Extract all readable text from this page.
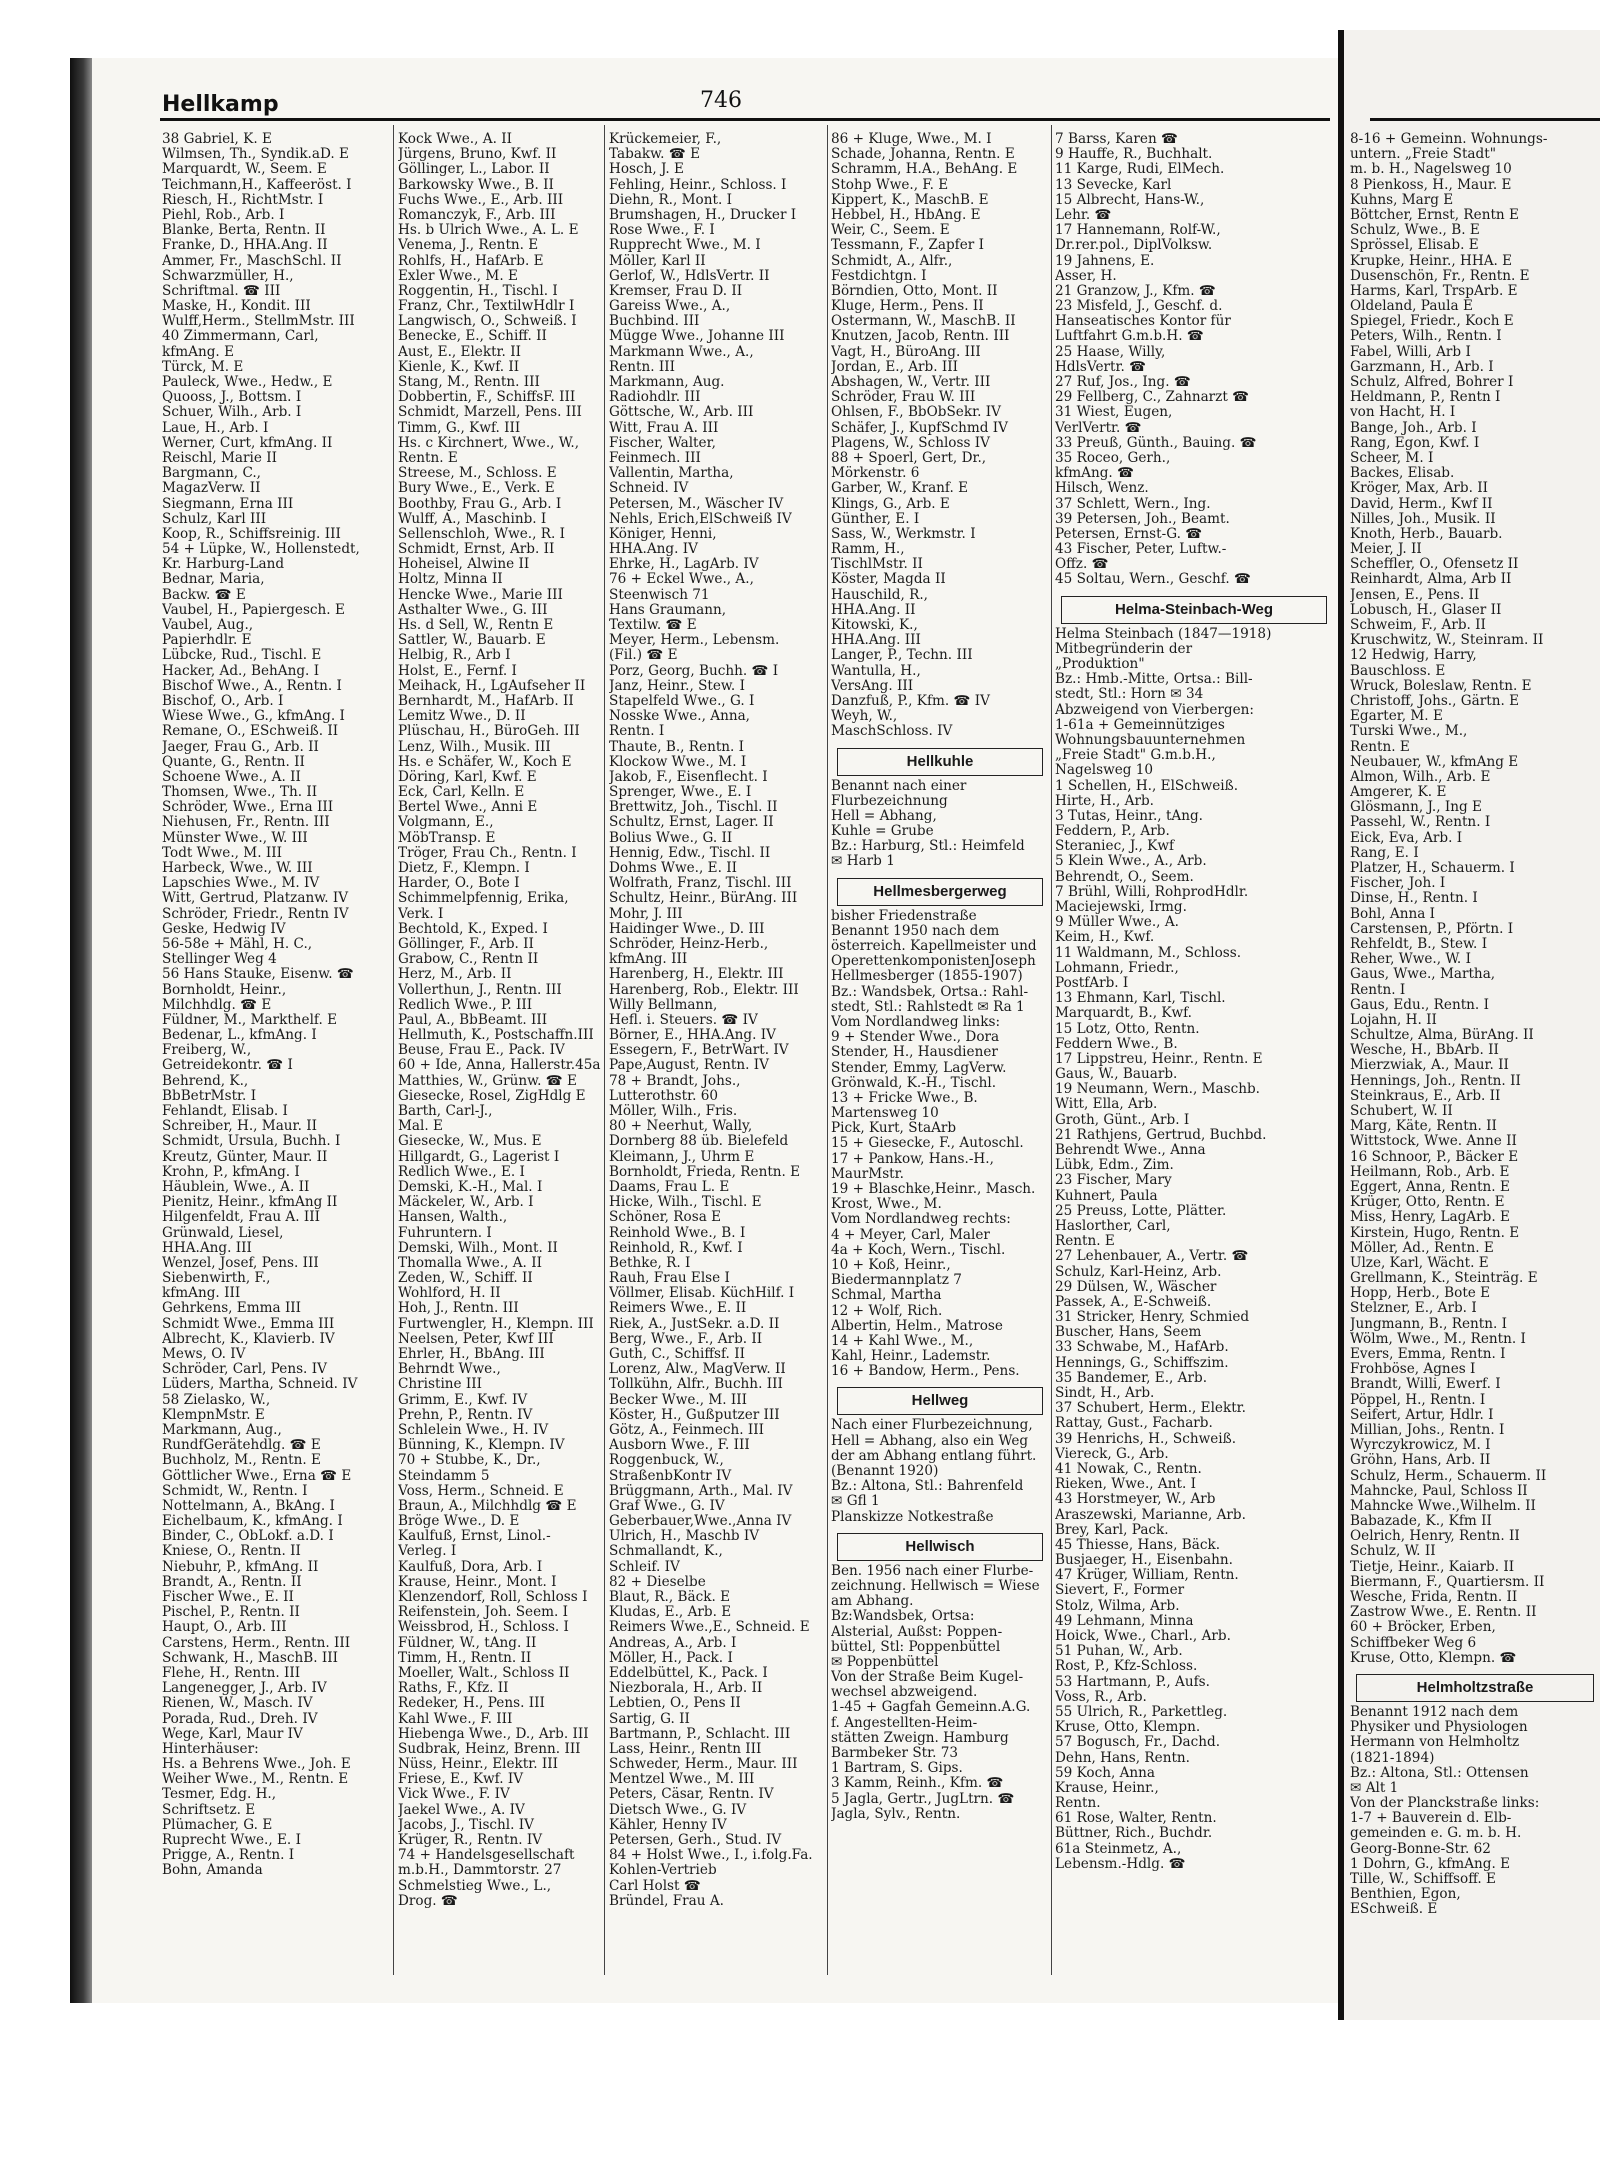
Hellkamp	746
38 Gabriel, K. E
Wilmsen, Th., Syndik.aD. E
Marquardt, W., Seem. E
Teichmann,H., Kaffeeröst. I
Riesch, H., RichtMstr. I
Piehl, Rob., Arb. I
Blanke, Berta, Rentn. II
Franke, D., HHA.Ang. II
Ammer, Fr., MaschSchl. II
Schwarzmüller, H.,
Schriftmal. ☎ III
Maske, H., Kondit. III
Wulff,Herm., StellmMstr. III
40 Zimmermann, Carl,
kfmAng. E
Türck, M. E
Pauleck, Wwe., Hedw., E
Quooss, J., Bottsm. I
Schuer, Wilh., Arb. I
Laue, H., Arb. I
Werner, Curt, kfmAng. II
Reischl, Marie II
Bargmann, C.,
MagazVerw. II
Siegmann, Erna III
Schulz, Karl III
Koop, R., Schiffsreinig. III
54 + Lüpke, W., Hollenstedt,
Kr. Harburg-Land
Bednar, Maria,
Backw. ☎ E
Vaubel, H., Papiergesch. E
Vaubel, Aug.,
Papierhdlr. E
Lübcke, Rud., Tischl. E
Hacker, Ad., BehAng. I
Bischof Wwe., A., Rentn. I
Bischof, O., Arb. I
Wiese Wwe., G., kfmAng. I
Remane, O., ESchweiß. II
Jaeger, Frau G., Arb. II
Quante, G., Rentn. II
Schoene Wwe., A. II
Thomsen, Wwe., Th. II
Schröder, Wwe., Erna III
Niehusen, Fr., Rentn. III
Münster Wwe., W. III
Todt Wwe., M. III
Harbeck, Wwe., W. III
Lapschies Wwe., M. IV
Witt, Gertrud, Platzanw. IV
Schröder, Friedr., Rentn IV
Geske, Hedwig IV
56-58e + Mähl, H. C.,
Stellinger Weg 4
56 Hans Stauke, Eisenw. ☎
Bornholdt, Heinr.,
Milchhdlg. ☎ E
Füldner, M., Markthelf. E
Bedenar, L., kfmAng. I
Freiberg, W.,
Getreidekontr. ☎ I
Behrend, K.,
BbBetrMstr. I
Fehlandt, Elisab. I
Schreiber, H., Maur. II
Schmidt, Ursula, Buchh. I
Kreutz, Günter, Maur. II
Krohn, P., kfmAng. I
Häublein, Wwe., A. II
Pienitz, Heinr., kfmAng II
Hilgenfeldt, Frau A. III
Grünwald, Liesel,
HHA.Ang. III
Wenzel, Josef, Pens. III
Siebenwirth, F.,
kfmAng. III
Gehrkens, Emma III
Schmidt Wwe., Emma III
Albrecht, K., Klavierb. IV
Mews, O. IV
Schröder, Carl, Pens. IV
Lüders, Martha, Schneid. IV
58 Zielasko, W.,
KlempnMstr. E
Markmann, Aug.,
RundfGerätehdlg. ☎ E
Buchholz, M., Rentn. E
Göttlicher Wwe., Erna ☎ E
Schmidt, W., Rentn. I
Nottelmann, A., BkAng. I
Eichelbaum, K., kfmAng. I
Binder, C., ObLokf. a.D. I
Kniese, O., Rentn. II
Niebuhr, P., kfmAng. II
Brandt, A., Rentn. II
Fischer Wwe., E. II
Pischel, P., Rentn. II
Haupt, O., Arb. III
Carstens, Herm., Rentn. III
Schwank, H., MaschB. III
Flehe, H., Rentn. III
Langenegger, J., Arb. IV
Rienen, W., Masch. IV
Porada, Rud., Dreh. IV
Wege, Karl, Maur IV
Hinterhäuser:
Hs. a Behrens Wwe., Joh. E
Weiher Wwe., M., Rentn. E
Tesmer, Edg. H.,
Schriftsetz. E
Plümacher, G. E
Ruprecht Wwe., E. I
Prigge, A., Rentn. I
Bohn, Amanda
Kock Wwe., A. II
Jürgens, Bruno, Kwf. II
Göllinger, L., Labor. II
Barkowsky Wwe., B. II
Fuchs Wwe., E., Arb. III
Romanczyk, F., Arb. III
Hs. b Ulrich Wwe., A. L. E
Venema, J., Rentn. E
Rohlfs, H., HafArb. E
Exler Wwe., M. E
Roggentin, H., Tischl. I
Franz, Chr., TextilwHdlr I
Langwisch, O., Schweiß. I
Benecke, E., Schiff. II
Aust, E., Elektr. II
Kienle, K., Kwf. II
Stang, M., Rentn. III
Dobbertin, F., SchiffsF. III
Schmidt, Marzell, Pens. III
Timm, G., Kwf. III
Hs. c Kirchnert, Wwe., W.,
Rentn. E
Streese, M., Schloss. E
Bury Wwe., E., Verk. E
Boothby, Frau G., Arb. I
Wulff, A., Maschinb. I
Sellenschloh, Wwe., R. I
Schmidt, Ernst, Arb. II
Hoheisel, Alwine II
Holtz, Minna II
Hencke Wwe., Marie III
Asthalter Wwe., G. III
Hs. d Sell, W., Rentn E
Sattler, W., Bauarb. E
Helbig, R., Arb I
Holst, E., Fernf. I
Meihack, H., LgAufseher II
Bernhardt, M., HafArb. II
Lemitz Wwe., D. II
Plüschau, H., BüroGeh. III
Lenz, Wilh., Musik. III
Hs. e Schäfer, W., Koch E
Döring, Karl, Kwf. E
Eck, Carl, Kelln. E
Bertel Wwe., Anni E
Volgmann, E.,
MöbTransp. E
Tröger, Frau Ch., Rentn. I
Dietz, F., Klempn. I
Harder, O., Bote I
Schimmelpfennig, Erika,
Verk. I
Bechtold, K., Exped. I
Göllinger, F., Arb. II
Grabow, C., Rentn II
Herz, M., Arb. II
Vollerthun, J., Rentn. III
Redlich Wwe., P. III
Paul, A., BbBeamt. III
Hellmuth, K., Postschaffn.III
Beuse, Frau E., Pack. IV
60 + Ide, Anna, Hallerstr.45a
Matthies, W., Grünw. ☎ E
Giesecke, Rosel, ZigHdlg E
Barth, Carl-J.,
Mal. E
Giesecke, W., Mus. E
Hillgardt, G., Lagerist I
Redlich Wwe., E. I
Demski, K.-H., Mal. I
Mäckeler, W., Arb. I
Hansen, Walth.,
Fuhruntern. I
Demski, Wilh., Mont. II
Thomalla Wwe., A. II
Zeden, W., Schiff. II
Wohlford, H. II
Hoh, J., Rentn. III
Furtwengler, H., Klempn. III
Neelsen, Peter, Kwf III
Ehrler, H., BbAng. III
Behrndt Wwe.,
Christine III
Grimm, E., Kwf. IV
Prehn, P., Rentn. IV
Schlelein Wwe., H. IV
Bünning, K., Klempn. IV
70 + Stubbe, K., Dr.,
Steindamm 5
Voss, Herm., Schneid. E
Braun, A., Milchhdlg ☎ E
Bröge Wwe., D. E
Kaulfuß, Ernst, Linol.-
Verleg. I
Kaulfuß, Dora, Arb. I
Krause, Heinr., Mont. I
Klenzendorf, Roll, Schloss I
Reifenstein, Joh. Seem. I
Weissbrod, H., Schloss. I
Füldner, W., tAng. II
Timm, H., Rentn. II
Moeller, Walt., Schloss II
Raths, F., Kfz. II
Redeker, H., Pens. III
Kahl Wwe., F. III
Hiebenga Wwe., D., Arb. III
Sudbrak, Heinz, Brenn. III
Nüss, Heinr., Elektr. III
Friese, E., Kwf. IV
Vick Wwe., F. IV
Jaekel Wwe., A. IV
Jacobs, J., Tischl. IV
Krüger, R., Rentn. IV
74 + Handelsgesellschaft
m.b.H., Dammtorstr. 27
Schmelstieg Wwe., L.,
Drog. ☎
Krückemeier, F.,
Tabakw. ☎ E
Hosch, J. E
Fehling, Heinr., Schloss. I
Diehn, R., Mont. I
Brumshagen, H., Drucker I
Rose Wwe., F. I
Rupprecht Wwe., M. I
Möller, Karl II
Gerlof, W., HdlsVertr. II
Kremser, Frau D. II
Gareiss Wwe., A.,
Buchbind. III
Mügge Wwe., Johanne III
Markmann Wwe., A.,
Rentn. III
Markmann, Aug.
Radiohdlr. III
Göttsche, W., Arb. III
Witt, Frau A. III
Fischer, Walter,
Feinmech. III
Vallentin, Martha,
Schneid. IV
Petersen, M., Wäscher IV
Nehls, Erich,ElSchweiß IV
Königer, Henni,
HHA.Ang. IV
Ehrke, H., LagArb. IV
76 + Eckel Wwe., A.,
Steenwisch 71
Hans Graumann,
Textilw. ☎ E
Meyer, Herm., Lebensm.
(Fil.) ☎ E
Porz, Georg, Buchh. ☎ I
Janz, Heinr., Stew. I
Stapelfeld Wwe., G. I
Nosske Wwe., Anna,
Rentn. I
Thaute, B., Rentn. I
Klockow Wwe., M. I
Jakob, F., Eisenflecht. I
Sprenger, Wwe., E. I
Brettwitz, Joh., Tischl. II
Schultz, Ernst, Lager. II
Bolius Wwe., G. II
Hennig, Edw., Tischl. II
Dohms Wwe., E. II
Wolfrath, Franz, Tischl. III
Schultz, Heinr., BürAng. III
Mohr, J. III
Haidinger Wwe., D. III
Schröder, Heinz-Herb.,
kfmAng. III
Harenberg, H., Elektr. III
Harenberg, Rob., Elektr. III
Willy Bellmann,
Hefl. i. Steuers. ☎ IV
Börner, E., HHA.Ang. IV
Essegern, F., BetrWart. IV
Pape,August, Rentn. IV
78 + Brandt, Johs.,
Lutterothstr. 60
Möller, Wilh., Fris.
80 + Neerhut, Wally,
Dornberg 88 üb. Bielefeld
Kleimann, J., Uhrm E
Bornholdt, Frieda, Rentn. E
Daams, Frau L. E
Hicke, Wilh., Tischl. E
Schöner, Rosa E
Reinhold Wwe., B. I
Reinhold, R., Kwf. I
Bethke, R. I
Rauh, Frau Else I
Völlmer, Elisab. KüchHilf. I
Reimers Wwe., E. II
Riek, A., JustSekr. a.D. II
Berg, Wwe., F., Arb. II
Guth, C., Schiffsf. II
Lorenz, Alw., MagVerw. II
Tollkühn, Alfr., Buchh. III
Becker Wwe., M. III
Köster, H., Gußputzer III
Götz, A., Feinmech. III
Ausborn Wwe., F. III
Roggenbuck, W.,
StraßenbKontr IV
Brüggmann, Arth., Mal. IV
Graf Wwe., G. IV
Geberbauer,Wwe.,Anna IV
Ulrich, H., Maschb IV
Schmallandt, K.,
Schleif. IV
82 + Dieselbe
Blaut, R., Bäck. E
Kludas, E., Arb. E
Reimers Wwe.,E., Schneid. E
Andreas, A., Arb. I
Möller, H., Pack. I
Eddelbüttel, K., Pack. I
Niezborala, H., Arb. II
Lebtien, O., Pens II
Sartig, G. II
Bartmann, P., Schlacht. III
Lass, Heinr., Rentn III
Schweder, Herm., Maur. III
Mentzel Wwe., M. III
Peters, Cäsar, Rentn. IV
Dietsch Wwe., G. IV
Kähler, Henny IV
Petersen, Gerh., Stud. IV
84 + Holst Wwe., I., i.folg.Fa.
Kohlen-Vertrieb
Carl Holst ☎
Bründel, Frau A.
86 + Kluge, Wwe., M. I
Schade, Johanna, Rentn. E
Schramm, H.A., BehAng. E
Stohp Wwe., F. E
Kippert, K., MaschB. E
Hebbel, H., HbAng. E
Weir, C., Seem. E
Tessmann, F., Zapfer I
Schmidt, A., Alfr.,
Festdichtgn. I
Börndien, Otto, Mont. II
Kluge, Herm., Pens. II
Ostermann, W., MaschB. II
Knutzen, Jacob, Rentn. III
Vagt, H., BüroAng. III
Jordan, E., Arb. III
Abshagen, W., Vertr. III
Schröder, Frau W. III
Ohlsen, F., BbObSekr. IV
Schäfer, J., KupfSchmd IV
Plagens, W., Schloss IV
88 + Spoerl, Gert, Dr.,
Mörkenstr. 6
Garber, W., Kranf. E
Klings, G., Arb. E
Günther, E. I
Sass, W., Werkmstr. I
Ramm, H.,
TischlMstr. II
Köster, Magda II
Hauschild, R.,
HHA.Ang. II
Kitowski, K.,
HHA.Ang. III
Langer, P., Techn. III
Wantulla, H.,
VersAng. III
Danzfuß, P., Kfm. ☎ IV
Weyh, W.,
MaschSchloss. IV
Hellkuhle
Benannt nach einer
Flurbezeichnung
Hell = Abhang,
Kuhle = Grube
Bz.: Harburg, Stl.: Heimfeld
✉ Harb 1
Hellmesbergerweg
bisher Friedenstraße
Benannt 1950 nach dem
österreich. Kapellmeister und
OperettenkomponistenJoseph
Hellmesberger (1855-1907)
Bz.: Wandsbek, Ortsa.: Rahl-
stedt, Stl.: Rahlstedt ✉ Ra 1
Vom Nordlandweg links:
9 + Stender Wwe., Dora
Stender, H., Hausdiener
Stender, Emmy, LagVerw.
Grönwald, K.-H., Tischl.
13 + Fricke Wwe., B.
Martensweg 10
Pick, Kurt, StaArb
15 + Giesecke, F., Autoschl.
17 + Pankow, Hans.-H.,
MaurMstr.
19 + Blaschke,Heinr., Masch.
Krost, Wwe., M.
Vom Nordlandweg rechts:
4 + Meyer, Carl, Maler
4a + Koch, Wern., Tischl.
10 + Koß, Heinr.,
Biedermannplatz 7
Schmal, Martha
12 + Wolf, Rich.
Albertin, Helm., Matrose
14 + Kahl Wwe., M.,
Kahl, Heinr., Lademstr.
16 + Bandow, Herm., Pens.
Hellweg
Nach einer Flurbezeichnung,
Hell = Abhang, also ein Weg
der am Abhang entlang führt.
(Benannt 1920)
Bz.: Altona, Stl.: Bahrenfeld
✉ Gfl 1
Planskizze Notkestraße
Hellwisch
Ben. 1956 nach einer Flurbe-
zeichnung. Hellwisch = Wiese
am Abhang.
Bz:Wandsbek, Ortsa:
Alsterial, Außst: Poppen-
büttel, Stl: Poppenbüttel
✉ Poppenbüttel
Von der Straße Beim Kugel-
wechsel abzweigend.
1-45 + Gagfah Gemeinn.A.G.
f. Angestellten-Heim-
stätten Zweign. Hamburg
Barmbeker Str. 73
1 Bartram, S. Gips.
3 Kamm, Reinh., Kfm. ☎
5 Jagla, Gertr., JugLtrn. ☎
Jagla, Sylv., Rentn.
7 Barss, Karen ☎
9 Hauffe, R., Buchhalt.
11 Karge, Rudi, ElMech.
13 Sevecke, Karl
15 Albrecht, Hans-W.,
Lehr. ☎
17 Hannemann, Rolf-W.,
Dr.rer.pol., DiplVolksw.
19 Jahnens, E.
Asser, H.
21 Granzow, J., Kfm. ☎
23 Misfeld, J., Geschf. d.
Hanseatisches Kontor für
Luftfahrt G.m.b.H. ☎
25 Haase, Willy,
HdlsVertr. ☎
27 Ruf, Jos., Ing. ☎
29 Fellberg, C., Zahnarzt ☎
31 Wiest, Eugen,
VerlVertr. ☎
33 Preuß, Günth., Bauing. ☎
35 Roceo, Gerh.,
kfmAng. ☎
Hilsch, Wenz.
37 Schlett, Wern., Ing.
39 Petersen, Joh., Beamt.
Petersen, Ernst-G. ☎
43 Fischer, Peter, Luftw.-
Offz. ☎
45 Soltau, Wern., Geschf. ☎
Helma-Steinbach-Weg
Helma Steinbach (1847—1918)
Mitbegründerin der
„Produktion"
Bz.: Hmb.-Mitte, Ortsa.: Bill-
stedt, Stl.: Horn ✉ 34
Abzweigend von Vierbergen:
1-61a + Gemeinnütziges
Wohnungsbauunternehmen
„Freie Stadt" G.m.b.H.,
Nagelsweg 10
1 Schellen, H., ElSchweiß.
Hirte, H., Arb.
3 Tutas, Heinr., tAng.
Feddern, P., Arb.
Steraniec, J., Kwf
5 Klein Wwe., A., Arb.
Behrendt, O., Seem.
7 Brühl, Willi, RohprodHdlr.
Maciejewski, Irmg.
9 Müller Wwe., A.
Keim, H., Kwf.
11 Waldmann, M., Schloss.
Lohmann, Friedr.,
PostfArb. I
13 Ehmann, Karl, Tischl.
Marquardt, B., Kwf.
15 Lotz, Otto, Rentn.
Feddern Wwe., B.
17 Lippstreu, Heinr., Rentn. E
Gaus, W., Bauarb.
19 Neumann, Wern., Maschb.
Witt, Ella, Arb.
Groth, Günt., Arb. I
21 Rathjens, Gertrud, Buchbd.
Behrendt Wwe., Anna
Lübk, Edm., Zim.
23 Fischer, Mary
Kuhnert, Paula
25 Preuss, Lotte, Plätter.
Haslorther, Carl,
Rentn. E
27 Lehenbauer, A., Vertr. ☎
Schulz, Karl-Heinz, Arb.
29 Dülsen, W., Wäscher
Passek, A., E-Schweiß.
31 Stricker, Henry, Schmied
Buscher, Hans, Seem
33 Schwabe, M., HafArb.
Hennings, G., Schiffszim.
35 Bandemer, E., Arb.
Sindt, H., Arb.
37 Schubert, Herm., Elektr.
Rattay, Gust., Facharb.
39 Henrichs, H., Schweiß.
Viereck, G., Arb.
41 Nowak, C., Rentn.
Rieken, Wwe., Ant. I
43 Horstmeyer, W., Arb
Araszewski, Marianne, Arb.
Brey, Karl, Pack.
45 Thiesse, Hans, Bäck.
Busjaeger, H., Eisenbahn.
47 Krüger, William, Rentn.
Sievert, F., Former
Stolz, Wilma, Arb.
49 Lehmann, Minna
Hoick, Wwe., Charl., Arb.
51 Puhan, W., Arb.
Rost, P., Kfz-Schloss.
53 Hartmann, P., Aufs.
Voss, R., Arb.
55 Ulrich, R., Parkettleg.
Kruse, Otto, Klempn.
57 Bogusch, Fr., Dachd.
Dehn, Hans, Rentn.
59 Koch, Anna
Krause, Heinr.,
Rentn.
61 Rose, Walter, Rentn.
Büttner, Rich., Buchdr.
61a Steinmetz, A.,
Lebensm.-Hdlg. ☎
8-16 + Gemeinn. Wohnungs-
untern. „Freie Stadt"
m. b. H., Nagelsweg 10
8 Pienkoss, H., Maur. E
Kuhns, Marg E
Böttcher, Ernst, Rentn E
Schulz, Wwe., B. E
Sprössel, Elisab. E
Krupke, Heinr., HHA. E
Dusenschön, Fr., Rentn. E
Harms, Karl, TrspArb. E
Oldeland, Paula E
Spiegel, Friedr., Koch E
Peters, Wilh., Rentn. I
Fabel, Willi, Arb I
Garzmann, H., Arb. I
Schulz, Alfred, Bohrer I
Heldmann, P., Rentn I
von Hacht, H. I
Bange, Joh., Arb. I
Rang, Egon, Kwf. I
Scheer, M. I
Backes, Elisab.
Kröger, Max, Arb. II
David, Herm., Kwf II
Nilles, Joh., Musik. II
Knoth, Herb., Bauarb.
Meier, J. II
Scheffler, O., Ofensetz II
Reinhardt, Alma, Arb II
Jensen, E., Pens. II
Lobusch, H., Glaser II
Schweim, F., Arb. II
Kruschwitz, W., Steinram. II
12 Hedwig, Harry,
Bauschloss. E
Wruck, Boleslaw, Rentn. E
Christoff, Johs., Gärtn. E
Egarter, M. E
Turski Wwe., M.,
Rentn. E
Neubauer, W., kfmAng E
Almon, Wilh., Arb. E
Amgerer, K. E
Glösmann, J., Ing E
Passehl, W., Rentn. I
Eick, Eva, Arb. I
Rang, E. I
Platzer, H., Schauerm. I
Fischer, Joh. I
Dinse, H., Rentn. I
Bohl, Anna I
Carstensen, P., Pförtn. I
Rehfeldt, B., Stew. I
Reher, Wwe., W. I
Gaus, Wwe., Martha,
Rentn. I
Gaus, Edu., Rentn. I
Lojahn, H. II
Schultze, Alma, BürAng. II
Wesche, H., BbArb. II
Mierzwiak, A., Maur. II
Hennings, Joh., Rentn. II
Steinkraus, E., Arb. II
Schubert, W. II
Marg, Käte, Rentn. II
Wittstock, Wwe. Anne II
16 Schnoor, P., Bäcker E
Heilmann, Rob., Arb. E
Eggert, Anna, Rentn. E
Krüger, Otto, Rentn. E
Miss, Henry, LagArb. E
Kirstein, Hugo, Rentn. E
Möller, Ad., Rentn. E
Ulze, Karl, Wächt. E
Grellmann, K., Steinträg. E
Hopp, Herb., Bote E
Stelzner, E., Arb. I
Jungmann, B., Rentn. I
Wölm, Wwe., M., Rentn. I
Evers, Emma, Rentn. I
Frohböse, Agnes I
Brandt, Willi, Ewerf. I
Pöppel, H., Rentn. I
Seifert, Artur, Hdlr. I
Millian, Johs., Rentn. I
Wyrczykrowicz, M. I
Gröhn, Hans, Arb. II
Schulz, Herm., Schauerm. II
Mahncke, Paul, Schloss II
Mahncke Wwe.,Wilhelm. II
Babazade, K., Kfm II
Oelrich, Henry, Rentn. II
Schulz, W. II
Tietje, Heinr., Kaiarb. II
Biermann, F., Quartiersm. II
Wesche, Frida, Rentn. II
Zastrow Wwe., E. Rentn. II
60 + Bröcker, Erben,
Schiffbeker Weg 6
Kruse, Otto, Klempn. ☎
Helmholtzstraße
Benannt 1912 nach dem
Physiker und Physiologen
Hermann von Helmholtz
(1821-1894)
Bz.: Altona, Stl.: Ottensen
✉ Alt 1
Von der Planckstraße links:
1-7 + Bauverein d. Elb-
gemeinden e. G. m. b. H.
Georg-Bonne-Str. 62
1 Dohrn, G., kfmAng. E
Tille, W., Schiffsoff. E
Benthien, Egon,
ESchweiß. E
